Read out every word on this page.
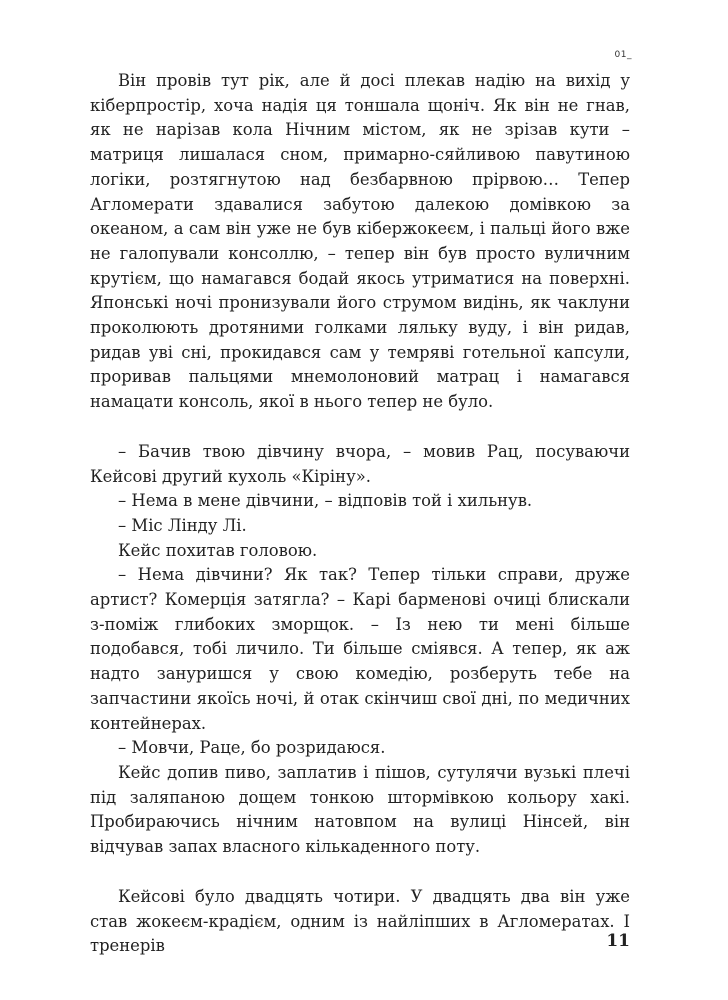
01_

Він провів тут рік, але й досі плекав надію на вихід у кіберпростір, хоча надія ця тоншала щоніч. Як він не гнав, як не нарізав кола Нічним містом, як не зрізав кути – матриця лишалася сном, примарно-сяйливою павутиною логіки, розтягнутою над безбарвною прірвою… Тепер Агломерати здавалися забутою далекою домівкою за океаном, а сам він уже не був кібержокеєм, і пальці його вже не галопували консоллю, – тепер він був просто вуличним крутієм, що намагався бодай якось утриматися на поверхні. Японські ночі пронизували його струмом видінь, як чаклуни проколюють дротяними голками ляльку вуду, і він ридав, ридав уві сні, прокидався сам у темряві готельної капсули, проривав пальцями мнемолоновий матрац і намагався намацати консоль, якої в нього тепер не було.

– Бачив твою дівчину вчора, – мовив Рац, посуваючи Кейсові другий кухоль «Кіріну».

– Нема в мене дівчини, – відповів той і хильнув.

– Міс Лінду Лі.

Кейс похитав головою.

– Нема дівчини? Як так? Тепер тільки справи, друже артист? Комерція затягла? – Карі барменові очиці блискали з-поміж глибоких зморщок. – Із нею ти мені більше подобався, тобі личило. Ти більше сміявся. А тепер, як аж надто зануришся у свою комедію, розберуть тебе на запчастини якоїсь ночі, й отак скінчиш свої дні, по медичних контейнерах.

– Мовчи, Раце, бо розридаюся.

Кейс допив пиво, заплатив і пішов, сутулячи вузькі плечі під заляпаною дощем тонкою штормівкою кольору хакі. Пробираючись нічним натовпом на вулиці Нінсей, він відчував запах власного кількаденного поту.

Кейсові було двадцять чотири. У двадцять два він уже став жокеєм-крадієм, одним із найліпших в Агломератах. І тренерів	11
